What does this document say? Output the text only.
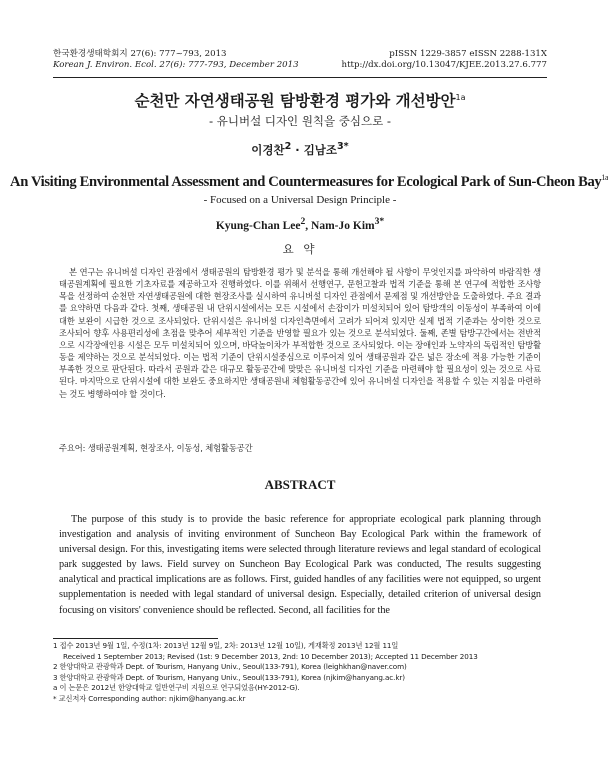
한국환경생태학회지 27(6): 777~793, 2013
Korean J. Environ. Ecol. 27(6): 777-793, December 2013
pISSN 1229-3857 eISSN 2288-131X
http://dx.doi.org/10.13047/KJEE.2013.27.6.777
순천만 자연생태공원 탐방환경 평가와 개선방안$^{1a}$
- 유니버설 디자인 원칙을 중심으로 -
이경찬$^2$ · 김남조$^{3*}$
An Visiting Environmental Assessment and Countermeasures for Ecological Park of Sun-Cheon Bay$^{1a}$
- Focused on a Universal Design Principle -
Kyung-Chan Lee$^2$, Nam-Jo Kim$^{3*}$
요 약

본 연구는 유니버설 디자인 관점에서 생태공원의 탐방환경 평가 및 분석을 통해 개선해야 될 사항이 무엇인지를 파악하여 바람직한 생태공원계획에 필요한 기초자료를 제공하고자 진행하였다. 이를 위해서 선행연구, 문헌고찰과 법적 기준을 통해 본 연구에 적합한 조사항목을 선정하여 순천만 자연생태공원에 대한 현장조사를 실시하여 유니버설 디자인 관점에서 문제점 및 개선방안을 도출하였다. 주요 결과를 요약하면 다음과 같다. 첫째, 생태공원 내 단위시설에서는 모든 시설에서 손잡이가 미설치되어 있어 탐방객의 이동성이 부족하여 이에 대한 보완이 시급한 것으로 조사되었다. 단위시설은 유니버설 디자인측면에서 고려가 되어져 있지만 실제 법적 기준과는 상이한 것으로 조사되어 향후 사용편리성에 초점을 맞추어 세부적인 기준을 반영할 필요가 있는 것으로 분석되었다. 둘째, 존별 탐방구간에서는 전반적으로 시각장애인용 시설은 모두 미설치되어 있으며, 바닥높이차가 부적합한 것으로 조사되었다. 이는 장애인과 노약자의 독립적인 탐방활동을 제약하는 것으로 분석되었다. 이는 법적 기준이 단위시설중심으로 이루어져 있어 생태공원과 같은 넓은 장소에 적용 가능한 기준이 부족한 것으로 판단된다. 따라서 공원과 같은 대규모 활동공간에 맞맞은 유니버설 디자인 기준을 마련해야 할 필요성이 있는 것으로 사료된다. 마지막으로 단위시설에 대한 보완도 중요하지만 생태공원내 체험활동공간에 있어 유니버설 디자인을 적용할 수 있는 지침을 마련하는 것도 병행하여야 할 것이다.

주요어: 생태공원계획, 현장조사, 이동성, 체험활동공간
ABSTRACT

The purpose of this study is to provide the basic reference for appropriate ecological park planning through investigation and analysis of inviting environment of Suncheon Bay Ecological Park within the framework of universal design. For this, investigating items were selected through literature reviews and legal standard of ecological park suggested by laws. Field survey on Suncheon Bay Ecological Park was conducted, The results suggesting analytical and practical implications are as follows. First, guided handles of any facilities were not equipped, so urgent supplementation is needed with legal standard of universal design. Especially, detailed criterion of universal design focusing on visitors' convenience should be reflected. Second, all facilities for the

1 접수 2013년 9월 1일, 수정(1차: 2013년 12월 9일, 2차: 2013년 12월 10일), 게재확정 2013년 12월 11일
Received 1 September 2013; Revised (1st: 9 December 2013, 2nd: 10 December 2013); Accepted 11 December 2013
2 한양대학교 관광학과 Dept. of Tourism, Hanyang Univ., Seoul(133-791), Korea (leighkhan@naver.com)
3 한양대학교 관광학과 Dept. of Tourism, Hanyang Univ., Seoul(133-791), Korea (njkim@hanyang.ac.kr)
a 이 논문은 2012년 한양대학교 일반연구비 지원으로 연구되었음(HY-2012-G).
* 교신저자 Corresponding author: njkim@hanyang.ac.kr
